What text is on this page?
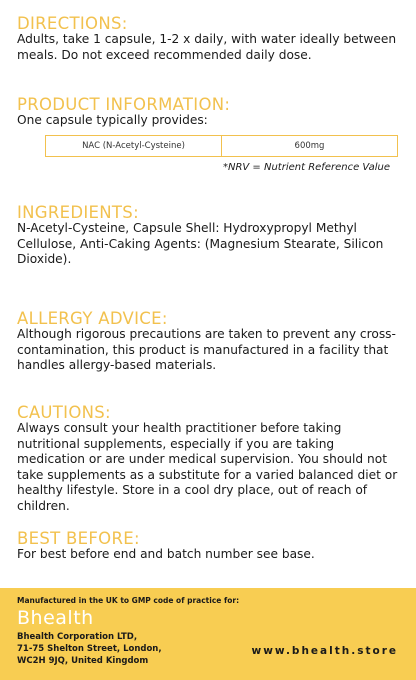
DIRECTIONS:
Adults, take 1 capsule, 1-2 x daily, with water ideally between meals. Do not exceed recommended daily dose.
PRODUCT INFORMATION:
One capsule typically provides:
NAC (N-Acetyl-Cysteine)	600mg
*NRV = Nutrient Reference Value
INGREDIENTS:
N-Acetyl-Cysteine, Capsule Shell: Hydroxypropyl Methyl Cellulose, Anti-Caking Agents: (Magnesium Stearate, Silicon Dioxide).
ALLERGY ADVICE:
Although rigorous precautions are taken to prevent any cross-contamination, this product is manufactured in a facility that handles allergy-based materials.
CAUTIONS:
Always consult your health practitioner before taking nutritional supplements, especially if you are taking medication or are under medical supervision. You should not take supplements as a substitute for a varied balanced diet or healthy lifestyle. Store in a cool dry place, out of reach of children.
BEST BEFORE:
For best before end and batch number see base.
Manufactured in the UK to GMP code of practice for:
Bhealth
Bhealth Corporation LTD,
71-75 Shelton Street, London,
WC2H 9JQ, United Kingdom
www.bhealth.store
